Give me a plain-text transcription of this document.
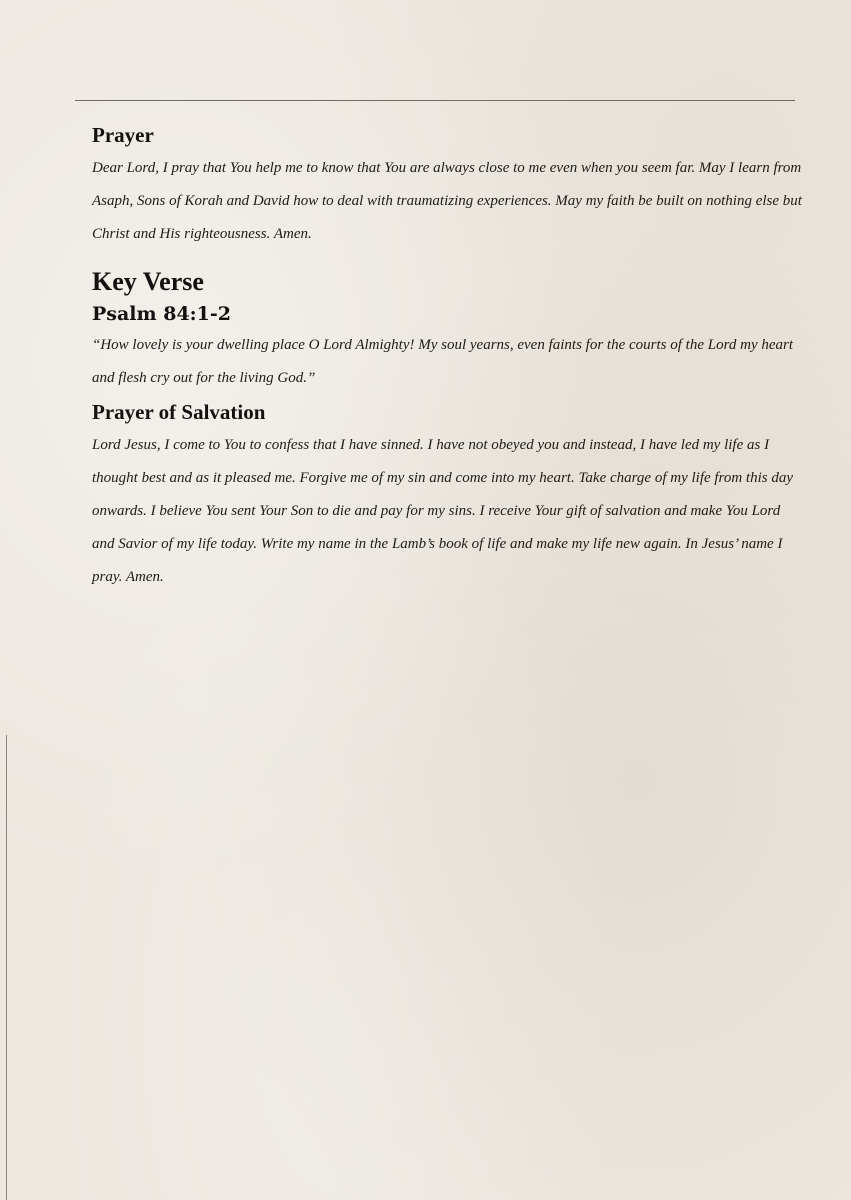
Prayer

Dear Lord, I pray that You help me to know that You are always close to me even when you seem far. May I learn from Asaph, Sons of Korah and David how to deal with traumatizing experiences. May my faith be built on nothing else but Christ and His righteousness. Amen.

Key Verse
Psalm 84:1-2

“How lovely is your dwelling place O Lord Almighty! My soul yearns, even faints for the courts of the Lord my heart and flesh cry out for the living God.”

Prayer of Salvation

Lord Jesus, I come to You to confess that I have sinned. I have not obeyed you and instead, I have led my life as I thought best and as it pleased me. Forgive me of my sin and come into my heart. Take charge of my life from this day onwards. I believe You sent Your Son to die and pay for my sins. I receive Your gift of salvation and make You Lord and Savior of my life today. Write my name in the Lamb’s book of life and make my life new again. In Jesus’ name I pray. Amen.
